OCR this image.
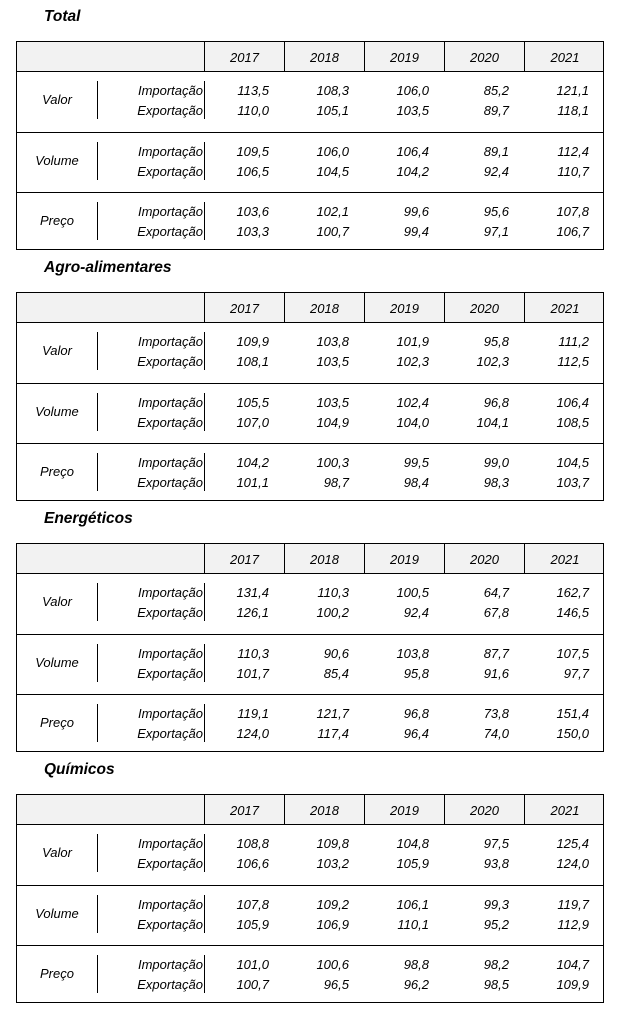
Total
2017	2018	2019	2020	2021
Valor
Importação	113,5	108,3	106,0	85,2	121,1
Exportação	110,0	105,1	103,5	89,7	118,1
Volume
Importação	109,5	106,0	106,4	89,1	112,4
Exportação	106,5	104,5	104,2	92,4	110,7
Preço
Importação	103,6	102,1	99,6	95,6	107,8
Exportação	103,3	100,7	99,4	97,1	106,7
Agro-alimentares
2017	2018	2019	2020	2021
Valor
Importação	109,9	103,8	101,9	95,8	111,2
Exportação	108,1	103,5	102,3	102,3	112,5
Volume
Importação	105,5	103,5	102,4	96,8	106,4
Exportação	107,0	104,9	104,0	104,1	108,5
Preço
Importação	104,2	100,3	99,5	99,0	104,5
Exportação	101,1	98,7	98,4	98,3	103,7
Energéticos
2017	2018	2019	2020	2021
Valor
Importação	131,4	110,3	100,5	64,7	162,7
Exportação	126,1	100,2	92,4	67,8	146,5
Volume
Importação	110,3	90,6	103,8	87,7	107,5
Exportação	101,7	85,4	95,8	91,6	97,7
Preço
Importação	119,1	121,7	96,8	73,8	151,4
Exportação	124,0	117,4	96,4	74,0	150,0
Químicos
2017	2018	2019	2020	2021
Valor
Importação	108,8	109,8	104,8	97,5	125,4
Exportação	106,6	103,2	105,9	93,8	124,0
Volume
Importação	107,8	109,2	106,1	99,3	119,7
Exportação	105,9	106,9	110,1	95,2	112,9
Preço
Importação	101,0	100,6	98,8	98,2	104,7
Exportação	100,7	96,5	96,2	98,5	109,9
